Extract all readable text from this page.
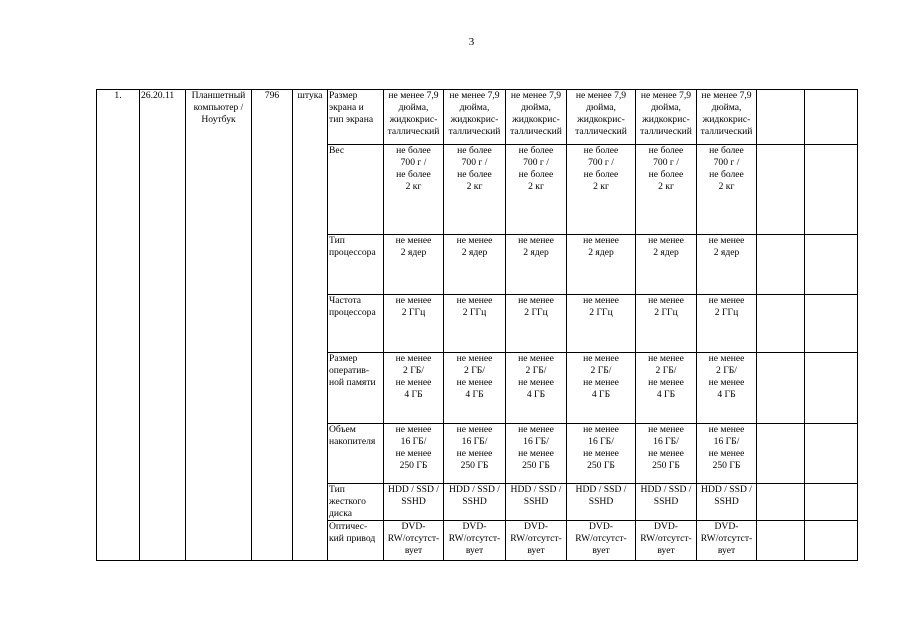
3
1.	26.20.11	Планшетный
компьютер /
Ноутбук	796	штука	Размер
экрана и
тип экрана	не менее 7,9
дюйма,
жидкокрис-
таллический	не менее 7,9
дюйма,
жидкокрис-
таллический	не менее 7,9
дюйма,
жидкокрис-
таллический	не менее 7,9
дюйма,
жидкокрис-
таллический	не менее 7,9
дюйма,
жидкокрис-
таллический	не менее 7,9
дюйма,
жидкокрис-
таллический		
					Вес	не более
700 г /
не более
2 кг	не более
700 г /
не более
2 кг	не более
700 г /
не более
2 кг	не более
700 г /
не более
2 кг	не более
700 г /
не более
2 кг	не более
700 г /
не более
2 кг		
					Тип
процессора	не менее
2 ядер	не менее
2 ядер	не менее
2 ядер	не менее
2 ядер	не менее
2 ядер	не менее
2 ядер		
					Частота
процессора	не менее
2 ГГц	не менее
2 ГГц	не менее
2 ГГц	не менее
2 ГГц	не менее
2 ГГц	не менее
2 ГГц		
					Размер
оператив-
ной памяти	не менее
2 ГБ/
не менее
4 ГБ	не менее
2 ГБ/
не менее
4 ГБ	не менее
2 ГБ/
не менее
4 ГБ	не менее
2 ГБ/
не менее
4 ГБ	не менее
2 ГБ/
не менее
4 ГБ	не менее
2 ГБ/
не менее
4 ГБ		
					Объем
накопителя	не менее
16 ГБ/
не менее
250 ГБ	не менее
16 ГБ/
не менее
250 ГБ	не менее
16 ГБ/
не менее
250 ГБ	не менее
16 ГБ/
не менее
250 ГБ	не менее
16 ГБ/
не менее
250 ГБ	не менее
16 ГБ/
не менее
250 ГБ		
					Тип
жесткого
диска	HDD / SSD /
SSHD	HDD / SSD /
SSHD	HDD / SSD /
SSHD	HDD / SSD /
SSHD	HDD / SSD /
SSHD	HDD / SSD /
SSHD		
					Оптичес-
кий привод	DVD-
RW/отсутст-
вует	DVD-
RW/отсутст-
вует	DVD-
RW/отсутст-
вует	DVD-
RW/отсутст-
вует	DVD-
RW/отсутст-
вует	DVD-
RW/отсутст-
вует		
